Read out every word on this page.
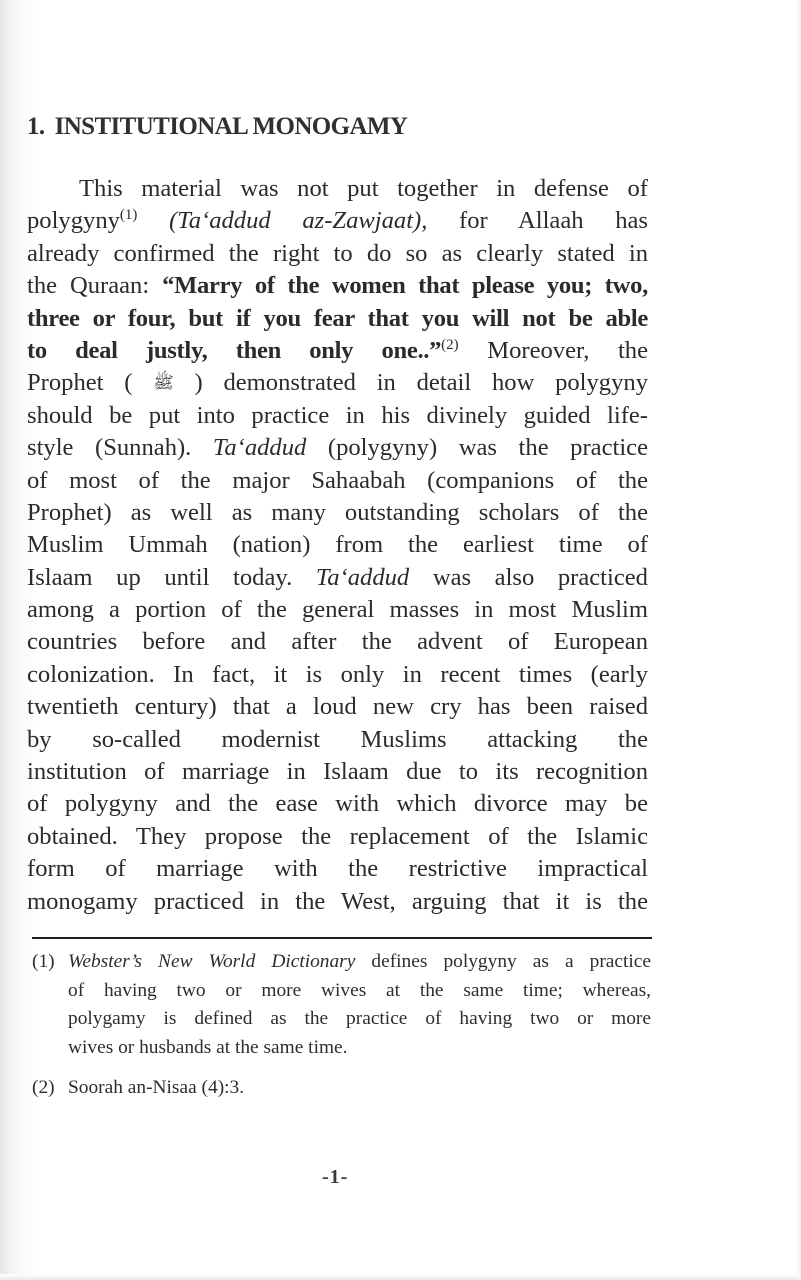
1. INSTITUTIONAL MONOGAMY
This material was not put together in defense of
polygyny$^{(1)}$ (Ta‘addud az-Zawjaat), for Allaah has
already confirmed the right to do so as clearly stated in
the Quraan: “Marry of the women that please you; two,
three or four, but if you fear that you will not be able
to deal justly, then only one..”$^{(2)}$ Moreover, the
Prophet ( ﷺ ) demonstrated in detail how polygyny
should be put into practice in his divinely guided life-
style (Sunnah). Ta‘addud (polygyny) was the practice
of most of the major Sahaabah (companions of the
Prophet) as well as many outstanding scholars of the
Muslim Ummah (nation) from the earliest time of
Islaam up until today. Ta‘addud was also practiced
among a portion of the general masses in most Muslim
countries before and after the advent of European
colonization. In fact, it is only in recent times (early
twentieth century) that a loud new cry has been raised
by so-called modernist Muslims attacking the
institution of marriage in Islaam due to its recognition
of polygyny and the ease with which divorce may be
obtained. They propose the replacement of the Islamic
form of marriage with the restrictive impractical
monogamy practiced in the West, arguing that it is the
(1) Webster’s New World Dictionary defines polygyny as a practice
of having two or more wives at the same time; whereas,
polygamy is defined as the practice of having two or more
wives or husbands at the same time.
(2) Soorah an-Nisaa (4):3.
-1-
